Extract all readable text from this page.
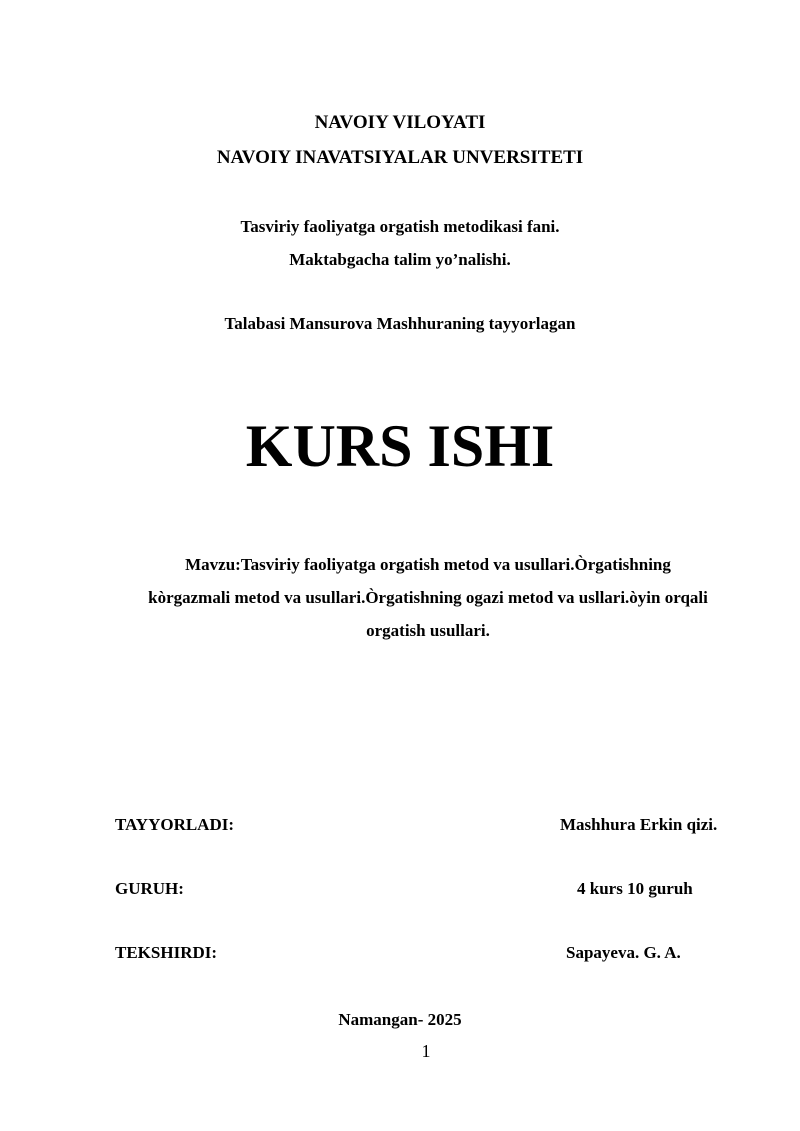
NAVOIY VILOYATI
NAVOIY INAVATSIYALAR UNVERSITETI
Tasviriy faoliyatga orgatish metodikasi fani.
Maktabgacha talim yo’nalishi.
Talabasi Mansurova Mashhuraning tayyorlagan
KURS ISHI
Mavzu:Tasviriy faoliyatga orgatish metod va usullari.Òrgatishning
kòrgazmali metod va usullari.Òrgatishning ogazi metod va usllari.òyin orqali
orgatish usullari.
TAYYORLADI:	Mashhura Erkin qizi.
GURUH:	4 kurs 10 guruh
TEKSHIRDI:	Sapayeva. G. A.
Namangan- 2025
1
